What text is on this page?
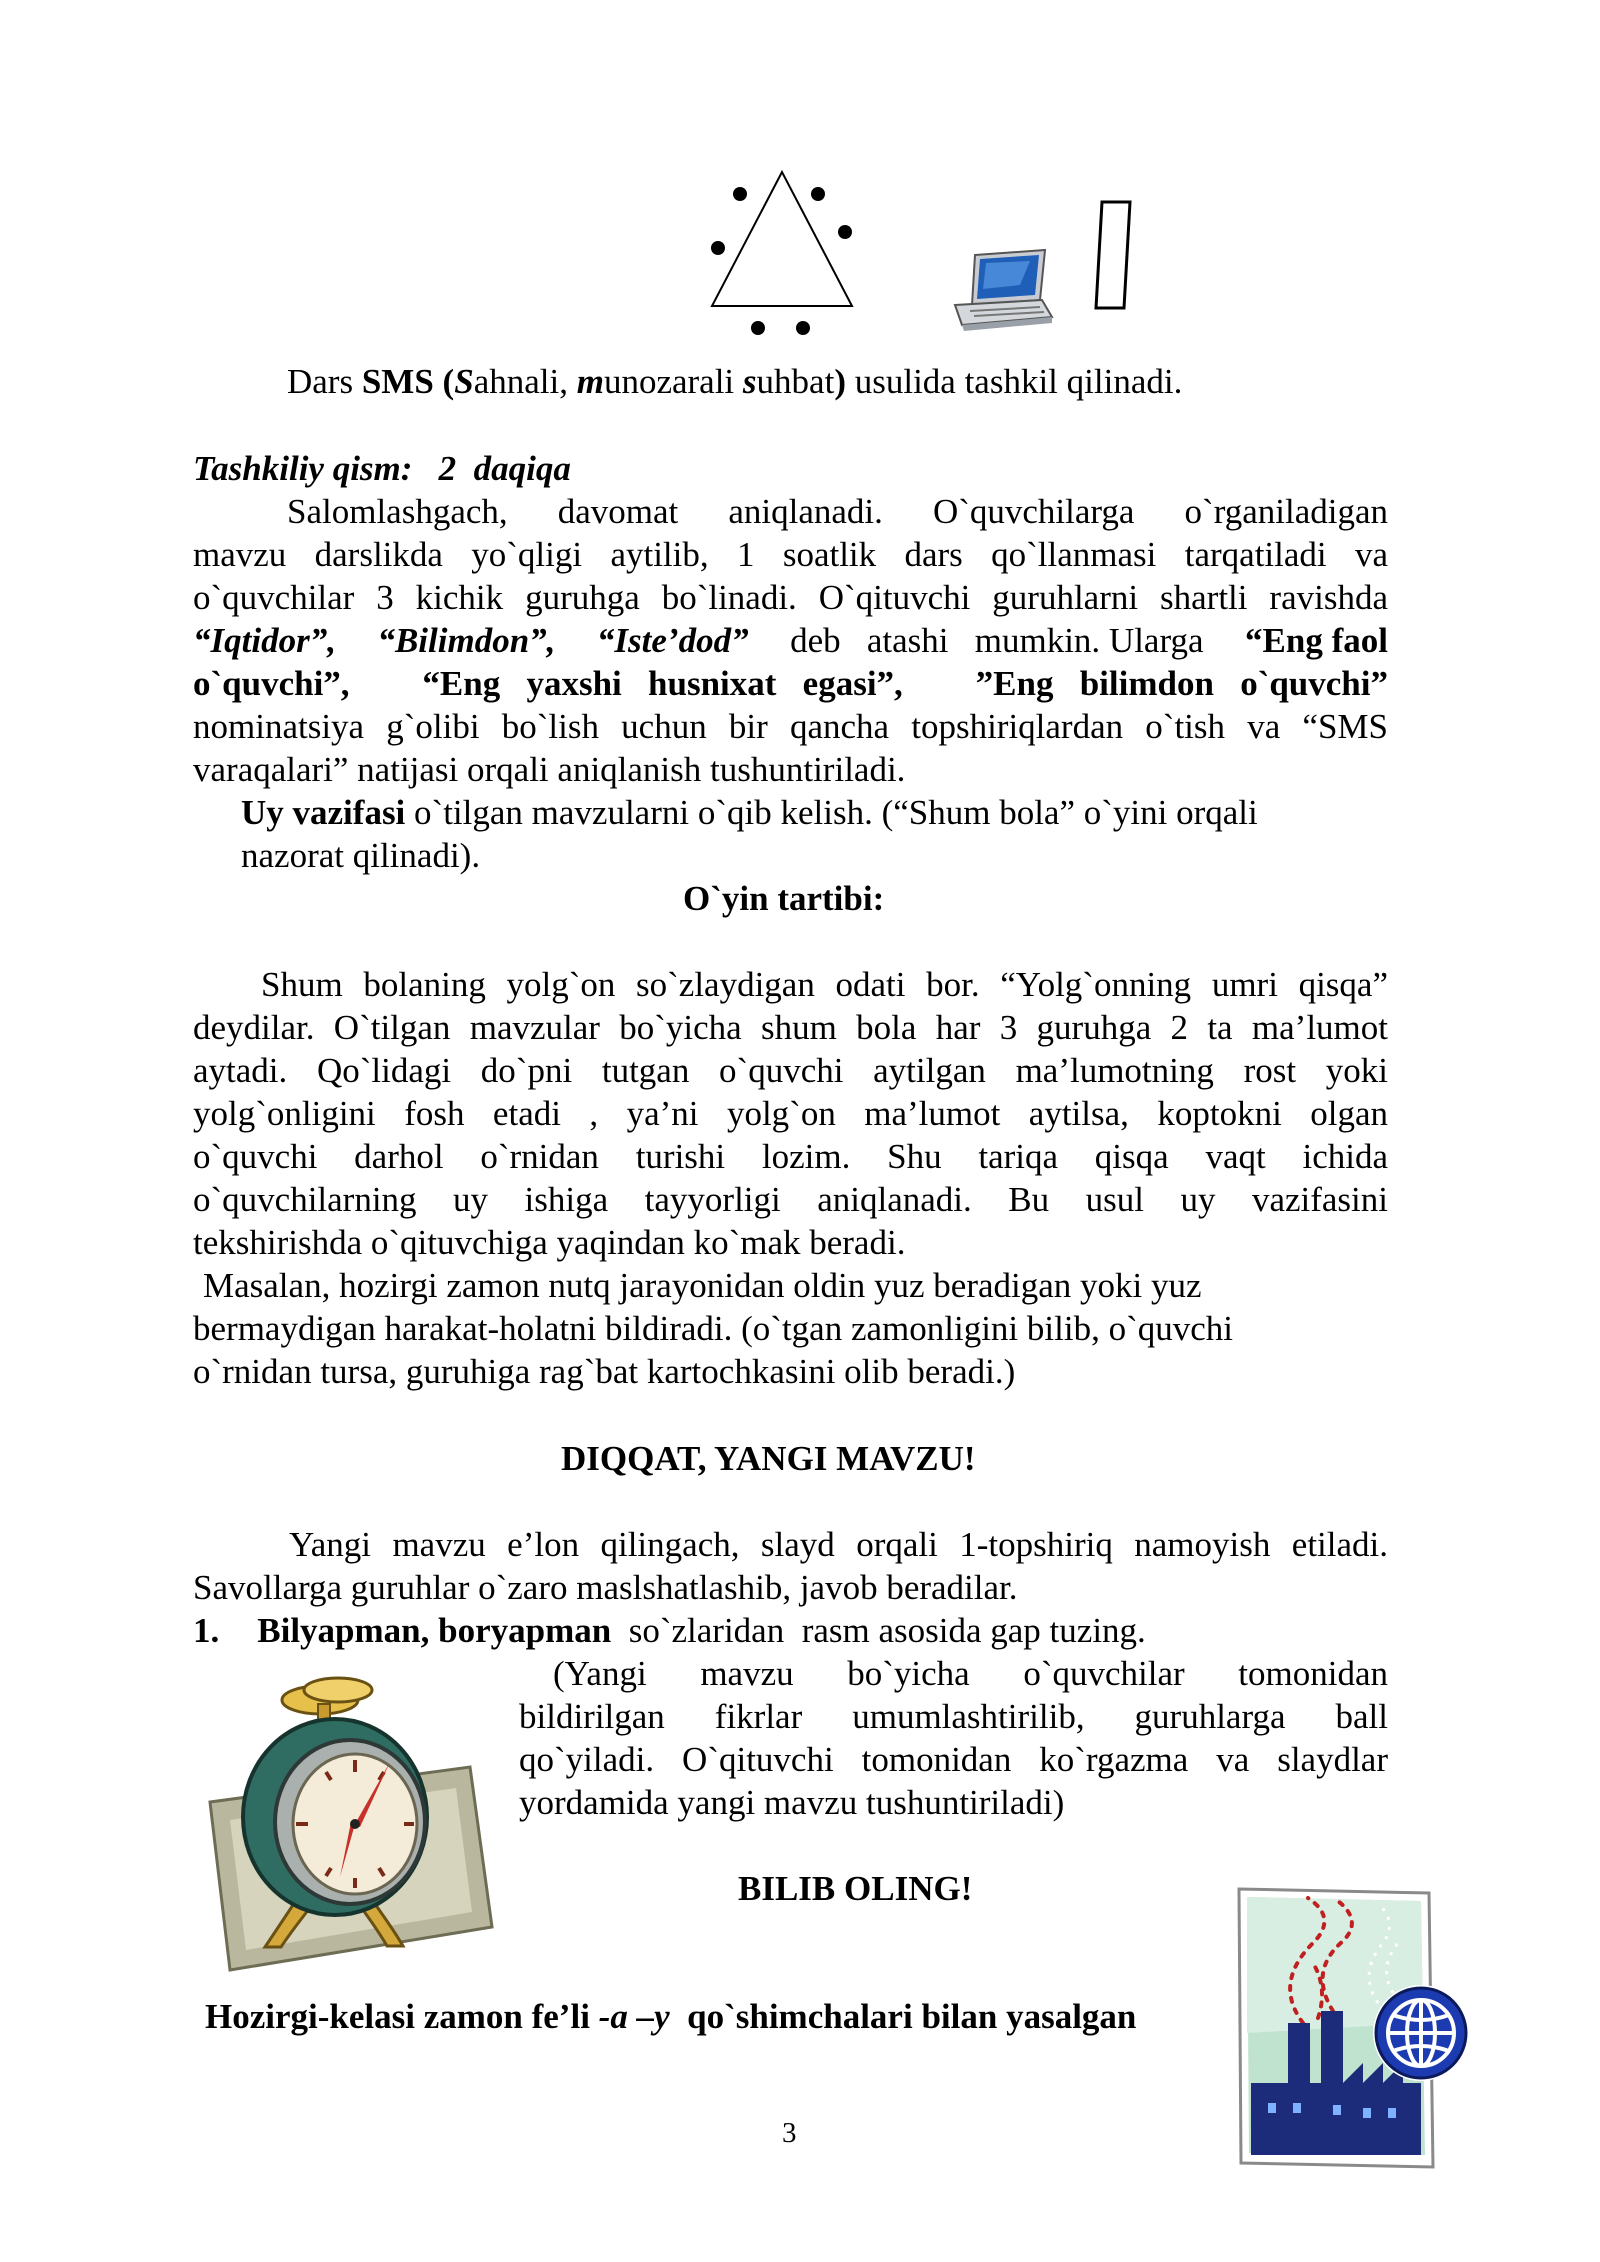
Dars SMS (Sahnali, munozarali suhbat) usulida tashkil qilinadi.
Tashkiliy qism:   2  daqiqa
Salomlashgach, davomat aniqlanadi. O`quvchilarga o`rganiladigan
mavzu darslikda yo`qligi aytilib, 1 soatlik dars qo`llanmasi tarqatiladi va
o`quvchilar 3 kichik guruhga bo`linadi. O`qituvchi guruhlarni shartli ravishda
“Iqtidor”, “Bilimdon”, “Iste’dod” deb   atashi   mumkin. Ularga “Eng faol
o`quvchi”, “Eng   yaxshi   husnixat   egasi”, ”Eng   bilimdon   o`quvchi”
nominatsiya g`olibi bo`lish uchun bir qancha topshiriqlardan o`tish va “SMS
varaqalari” natijasi orqali aniqlanish tushuntiriladi.
Uy vazifasi o`tilgan mavzularni o`qib kelish. (“Shum bola” o`yini orqali
nazorat qilinadi).
O`yin tartibi:
Shum bolaning yolg`on so`zlaydigan odati bor. “Yolg`onning umri qisqa”
deydilar. O`tilgan mavzular bo`yicha shum bola har 3 guruhga 2 ta ma’lumot
aytadi. Qo`lidagi do`pni tutgan o`quvchi aytilgan ma’lumotning rost yoki
yolg`onligini fosh etadi , ya’ni yolg`on ma’lumot aytilsa, koptokni olgan
o`quvchi darhol o`rnidan turishi lozim. Shu tariqa qisqa vaqt ichida
o`quvchilarning uy ishiga tayyorligi aniqlanadi. Bu usul uy vazifasini
tekshirishda o`qituvchiga yaqindan ko`mak beradi.
Masalan, hozirgi zamon nutq jarayonidan oldin yuz beradigan yoki yuz
bermaydigan harakat-holatni bildiradi. (o`tgan zamonligini bilib, o`quvchi
o`rnidan tursa, guruhiga rag`bat kartochkasini olib beradi.)
DIQQAT, YANGI MAVZU!
Yangi mavzu e’lon qilingach, slayd orqali 1-topshiriq namoyish etiladi.
Savollarga guruhlar o`zaro maslshatlashib, javob beradilar.
1. Bilyapman, boryapman  so`zlaridan  rasm asosida gap tuzing.
(Yangi mavzu bo`yicha o`quvchilar tomonidan
bildirilgan fikrlar umumlashtirilib, guruhlarga ball
qo`yiladi. O`qituvchi tomonidan ko`rgazma va slaydlar
yordamida yangi mavzu tushuntiriladi)
BILIB OLING!
Hozirgi-kelasi zamon fe’li -a –y  qo`shimchalari bilan yasalgan
3
